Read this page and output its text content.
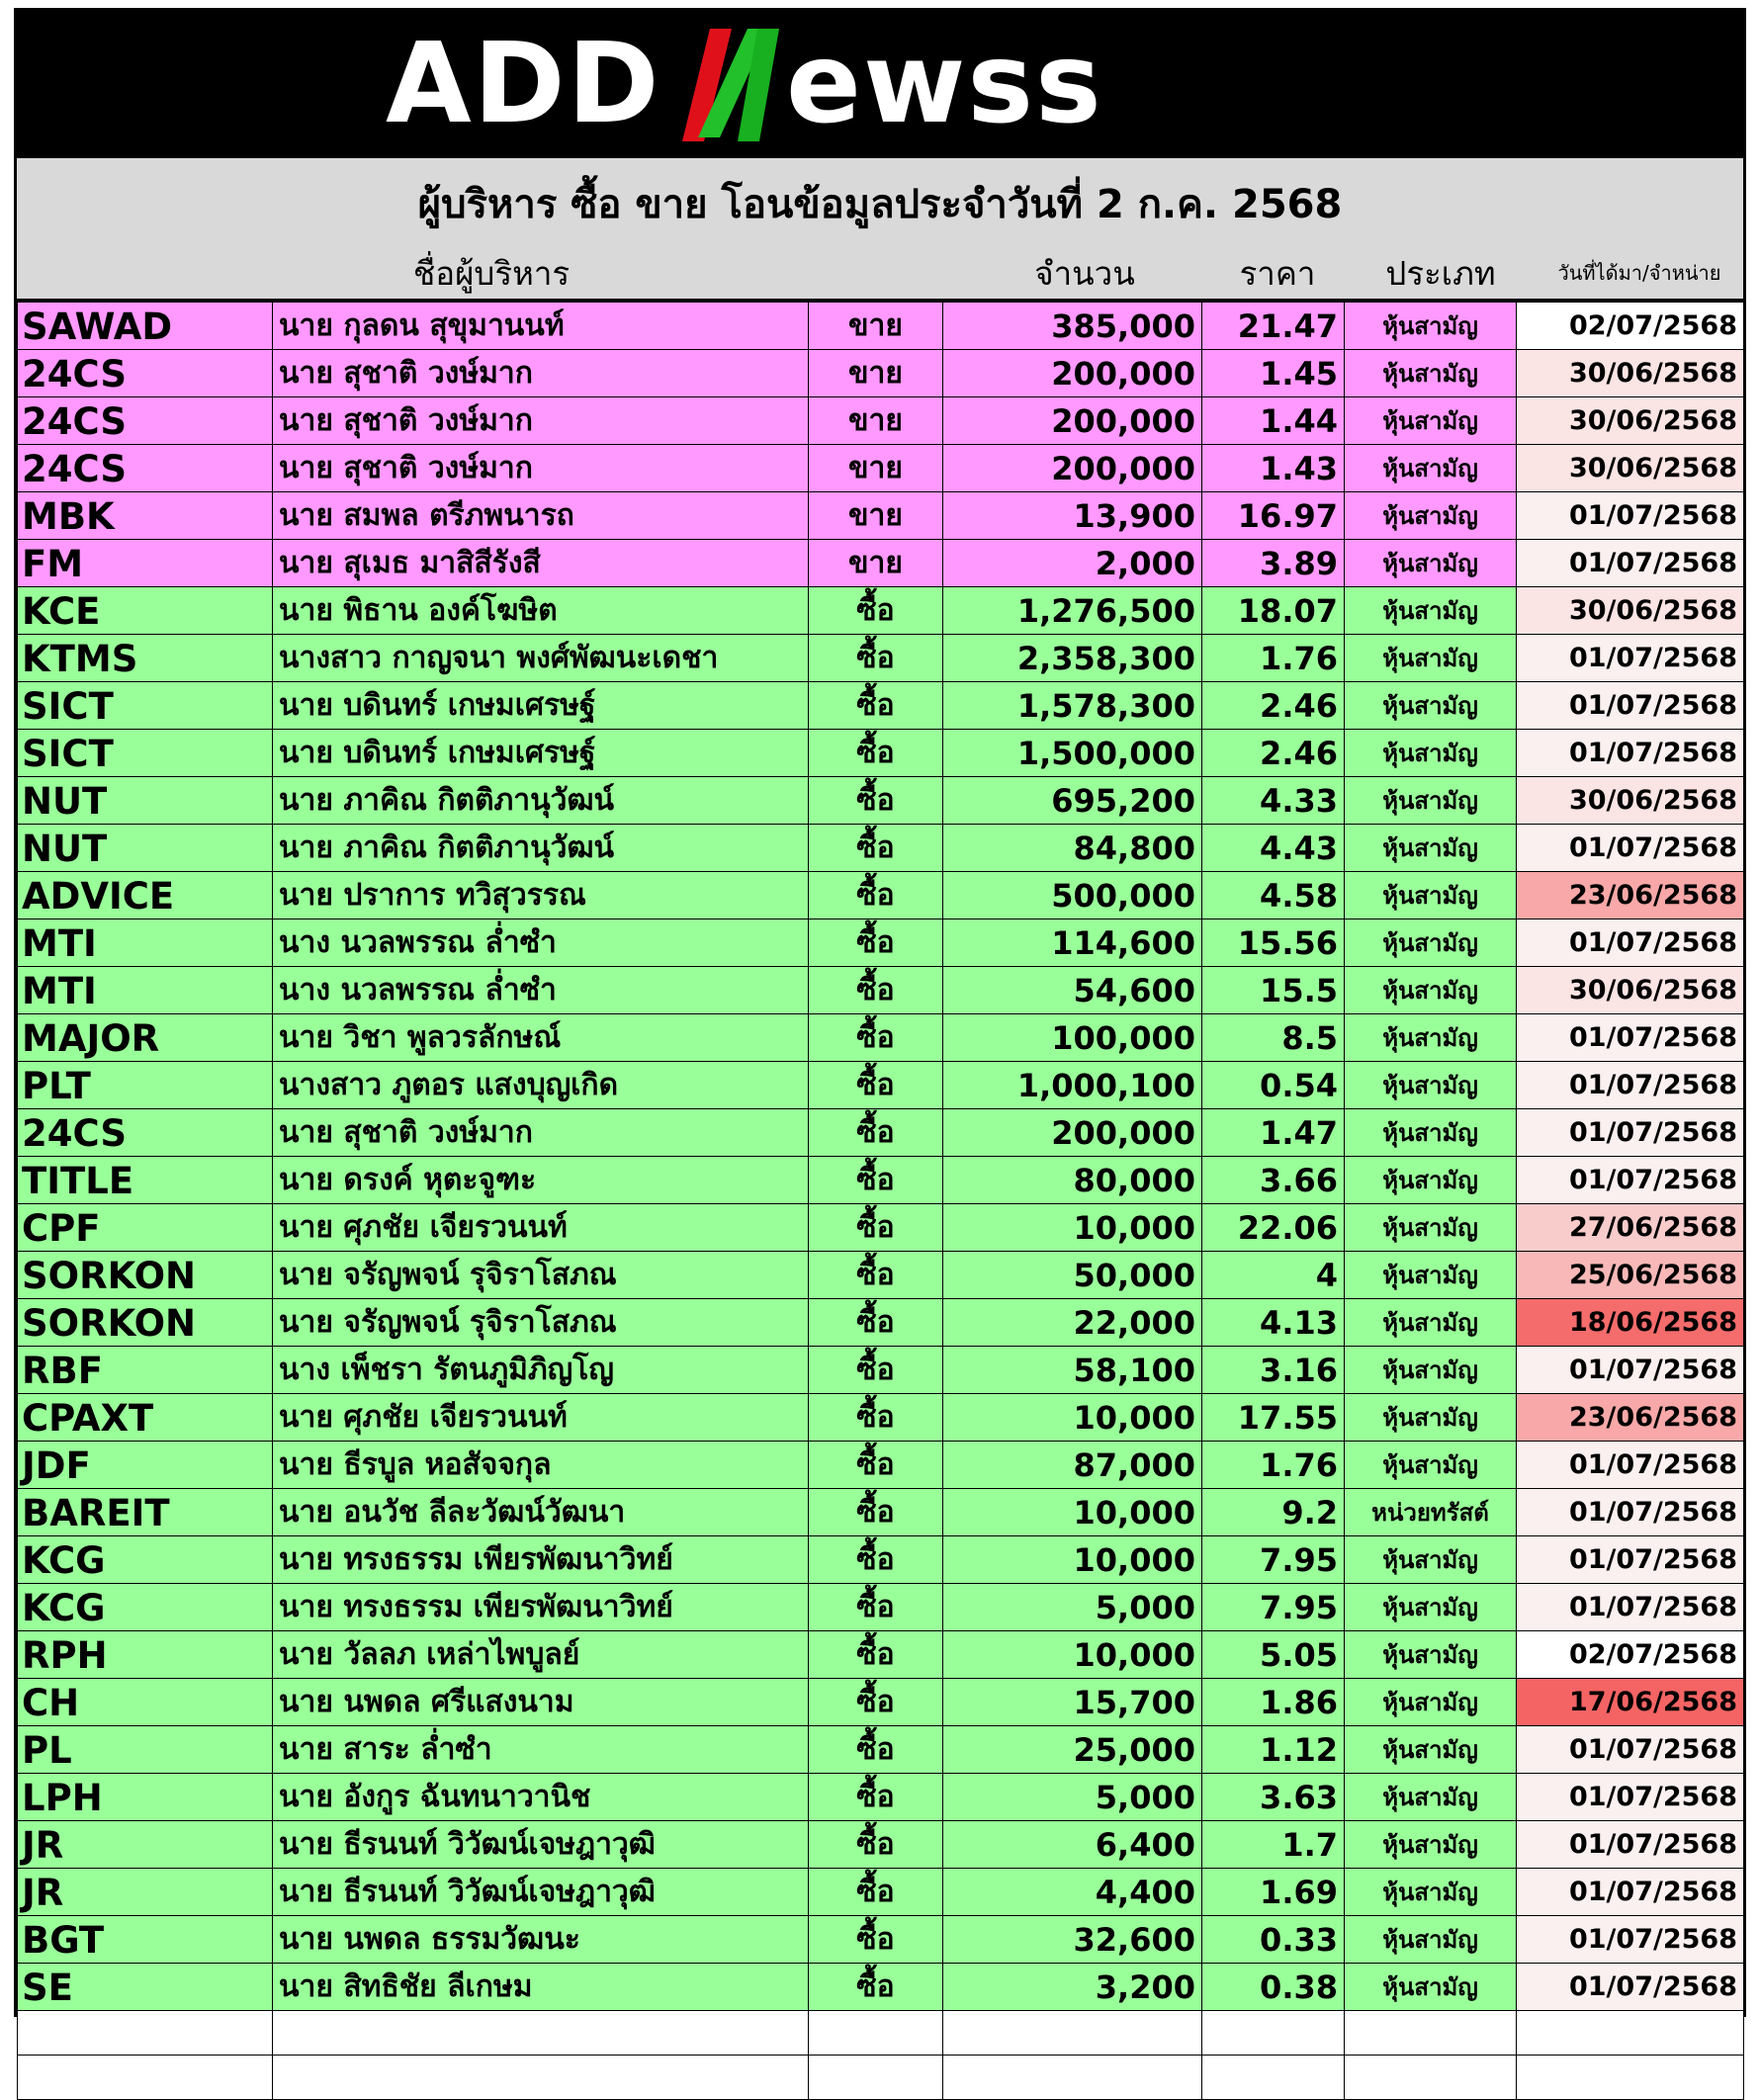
ADD ewss
ผู้บริหาร ซื้อ ขาย โอนข้อมูลประจำวันที่ 2 ก.ค. 2568
ชื่อผู้บริหาร	จำนวน	ราคา	ประเภท	วันที่ได้มา/จำหน่าย
SAWAD	นาย กุลดน สุขุมานนท์	ขาย	385,000	21.47	หุ้นสามัญ	02/07/2568
24CS	นาย สุชาติ วงษ์มาก	ขาย	200,000	1.45	หุ้นสามัญ	30/06/2568
24CS	นาย สุชาติ วงษ์มาก	ขาย	200,000	1.44	หุ้นสามัญ	30/06/2568
24CS	นาย สุชาติ วงษ์มาก	ขาย	200,000	1.43	หุ้นสามัญ	30/06/2568
MBK	นาย สมพล ตรีภพนารถ	ขาย	13,900	16.97	หุ้นสามัญ	01/07/2568
FM	นาย สุเมธ มาสิสีรังสี	ขาย	2,000	3.89	หุ้นสามัญ	01/07/2568
KCE	นาย พิธาน องค์โฆษิต	ซื้อ	1,276,500	18.07	หุ้นสามัญ	30/06/2568
KTMS	นางสาว กาญจนา พงศ์พัฒนะเดชา	ซื้อ	2,358,300	1.76	หุ้นสามัญ	01/07/2568
SICT	นาย บดินทร์ เกษมเศรษฐ์	ซื้อ	1,578,300	2.46	หุ้นสามัญ	01/07/2568
SICT	นาย บดินทร์ เกษมเศรษฐ์	ซื้อ	1,500,000	2.46	หุ้นสามัญ	01/07/2568
NUT	นาย ภาคิณ กิตติภานุวัฒน์	ซื้อ	695,200	4.33	หุ้นสามัญ	30/06/2568
NUT	นาย ภาคิณ กิตติภานุวัฒน์	ซื้อ	84,800	4.43	หุ้นสามัญ	01/07/2568
ADVICE	นาย ปราการ ทวิสุวรรณ	ซื้อ	500,000	4.58	หุ้นสามัญ	23/06/2568
MTI	นาง นวลพรรณ ล่ำซำ	ซื้อ	114,600	15.56	หุ้นสามัญ	01/07/2568
MTI	นาง นวลพรรณ ล่ำซำ	ซื้อ	54,600	15.5	หุ้นสามัญ	30/06/2568
MAJOR	นาย วิชา พูลวรลักษณ์	ซื้อ	100,000	8.5	หุ้นสามัญ	01/07/2568
PLT	นางสาว ภูตอร แสงบุญเกิด	ซื้อ	1,000,100	0.54	หุ้นสามัญ	01/07/2568
24CS	นาย สุชาติ วงษ์มาก	ซื้อ	200,000	1.47	หุ้นสามัญ	01/07/2568
TITLE	นาย ดรงค์ หุตะจูฑะ	ซื้อ	80,000	3.66	หุ้นสามัญ	01/07/2568
CPF	นาย ศุภชัย เจียรวนนท์	ซื้อ	10,000	22.06	หุ้นสามัญ	27/06/2568
SORKON	นาย จรัญพจน์ รุจิราโสภณ	ซื้อ	50,000	4	หุ้นสามัญ	25/06/2568
SORKON	นาย จรัญพจน์ รุจิราโสภณ	ซื้อ	22,000	4.13	หุ้นสามัญ	18/06/2568
RBF	นาง เพ็ชรา รัตนภูมิภิญโญ	ซื้อ	58,100	3.16	หุ้นสามัญ	01/07/2568
CPAXT	นาย ศุภชัย เจียรวนนท์	ซื้อ	10,000	17.55	หุ้นสามัญ	23/06/2568
JDF	นาย ธีรบูล หอสัจจกุล	ซื้อ	87,000	1.76	หุ้นสามัญ	01/07/2568
BAREIT	นาย อนวัช ลีละวัฒน์วัฒนา	ซื้อ	10,000	9.2	หน่วยทรัสต์	01/07/2568
KCG	นาย ทรงธรรม เพียรพัฒนาวิทย์	ซื้อ	10,000	7.95	หุ้นสามัญ	01/07/2568
KCG	นาย ทรงธรรม เพียรพัฒนาวิทย์	ซื้อ	5,000	7.95	หุ้นสามัญ	01/07/2568
RPH	นาย วัลลภ เหล่าไพบูลย์	ซื้อ	10,000	5.05	หุ้นสามัญ	02/07/2568
CH	นาย นพดล ศรีแสงนาม	ซื้อ	15,700	1.86	หุ้นสามัญ	17/06/2568
PL	นาย สาระ ล่ำซำ	ซื้อ	25,000	1.12	หุ้นสามัญ	01/07/2568
LPH	นาย อังกูร ฉันทนาวานิช	ซื้อ	5,000	3.63	หุ้นสามัญ	01/07/2568
JR	นาย ธีรนนท์ วิวัฒน์เจษฎาวุฒิ	ซื้อ	6,400	1.7	หุ้นสามัญ	01/07/2568
JR	นาย ธีรนนท์ วิวัฒน์เจษฎาวุฒิ	ซื้อ	4,400	1.69	หุ้นสามัญ	01/07/2568
BGT	นาย นพดล ธรรมวัฒนะ	ซื้อ	32,600	0.33	หุ้นสามัญ	01/07/2568
SE	นาย สิทธิชัย ลีเกษม	ซื้อ	3,200	0.38	หุ้นสามัญ	01/07/2568
